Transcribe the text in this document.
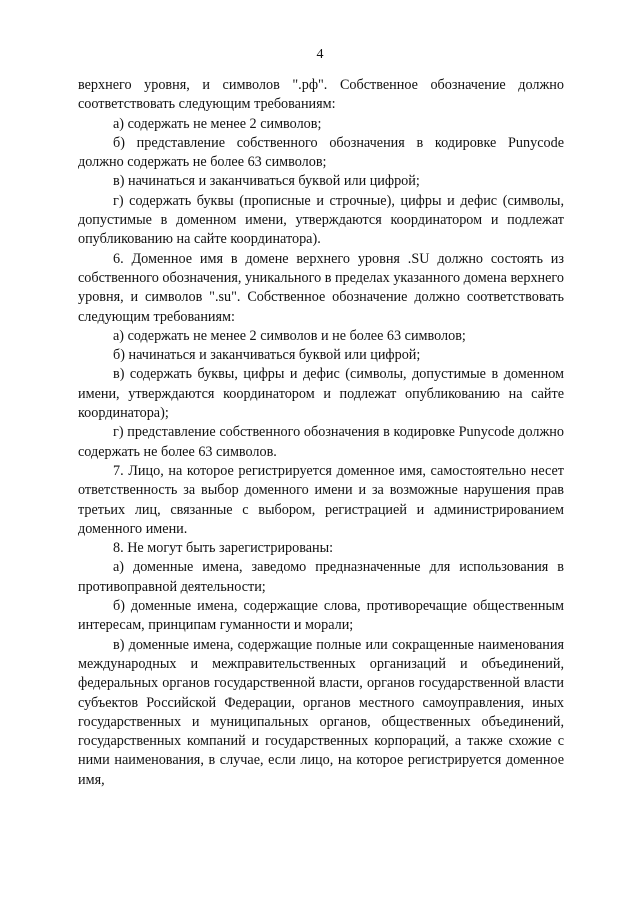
4

верхнего уровня, и символов ".рф". Собственное обозначение должно соответствовать следующим требованиям:

а) содержать не менее 2 символов;

б) представление собственного обозначения в кодировке Punycode должно содержать не более 63 символов;

в) начинаться и заканчиваться буквой или цифрой;

г) содержать буквы (прописные и строчные), цифры и дефис (символы, допустимые в доменном имени, утверждаются координатором и подлежат опубликованию на сайте координатора).

6. Доменное имя в домене верхнего уровня .SU должно состоять из собственного обозначения, уникального в пределах указанного домена верхнего уровня, и символов ".su". Собственное обозначение должно соответствовать следующим требованиям:

а) содержать не менее 2 символов и не более 63 символов;

б) начинаться и заканчиваться буквой или цифрой;

в) содержать буквы, цифры и дефис (символы, допустимые в доменном имени, утверждаются координатором и подлежат опубликованию на сайте координатора);

г) представление собственного обозначения в кодировке Punycode должно содержать не более 63 символов.

7. Лицо, на которое регистрируется доменное имя, самостоятельно несет ответственность за выбор доменного имени и за возможные нарушения прав третьих лиц, связанные с выбором, регистрацией и администрированием доменного имени.

8. Не могут быть зарегистрированы:

а) доменные имена, заведомо предназначенные для использования в противоправной деятельности;

б) доменные имена, содержащие слова, противоречащие общественным интересам, принципам гуманности и морали;

в) доменные имена, содержащие полные или сокращенные наименования международных и межправительственных организаций и объединений, федеральных органов государственной власти, органов государственной власти субъектов Российской Федерации, органов местного самоуправления, иных государственных и муниципальных органов, общественных объединений, государственных компаний и государственных корпораций, а также схожие с ними наименования, в случае, если лицо, на которое регистрируется доменное имя,
